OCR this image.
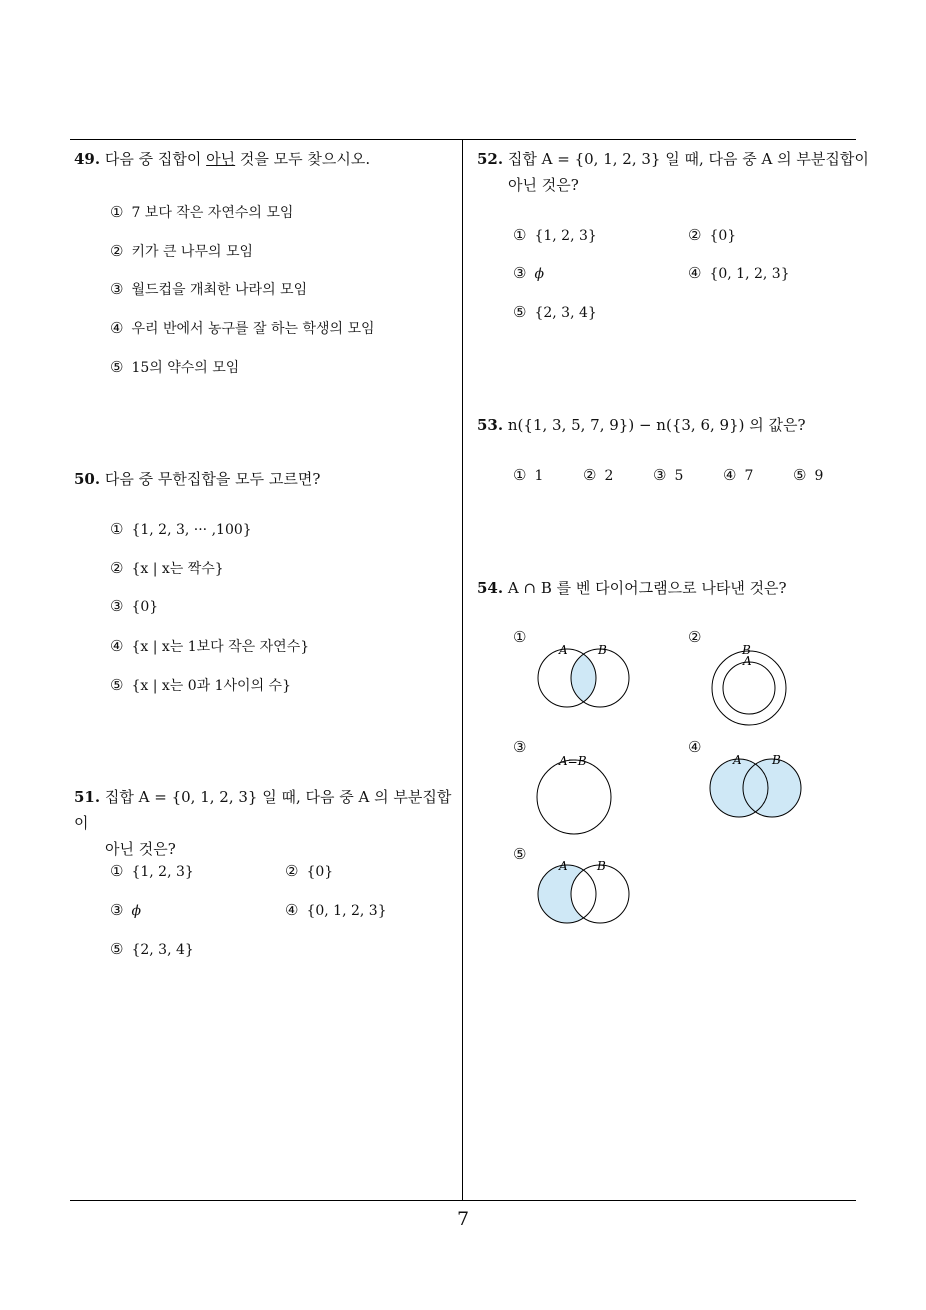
49. 다음 중 집합이 아닌 것을 모두 찾으시오.
① 7 보다 작은 자연수의 모임
② 키가 큰 나무의 모임
③ 월드컵을 개최한 나라의 모임
④ 우리 반에서 농구를 잘 하는 학생의 모임
⑤ 15의 약수의 모임
50. 다음 중 무한집합을 모두 고르면?
① {1, 2, 3, ··· ,100}
② {x | x는 짝수}
③ {0}
④ {x | x는 1보다 작은 자연수}
⑤ {x | x는 0과 1사이의 수}
51. 집합 A = {0, 1, 2, 3} 일 때, 다음 중 A 의 부분집합이
아닌 것은?
① {1, 2, 3}	② {0}
③ ϕ	④ {0, 1, 2, 3}
⑤ {2, 3, 4}
52. 집합 A = {0, 1, 2, 3} 일 때, 다음 중 A 의 부분집합이
아닌 것은?
① {1, 2, 3}	② {0}
③ ϕ	④ {0, 1, 2, 3}
⑤ {2, 3, 4}
53. n({1, 3, 5, 7, 9}) − n({3, 6, 9}) 의 값은?
① 1	② 2	③ 5	④ 7	⑤ 9
54. A ∩ B 를 벤 다이어그램으로 나타낸 것은?
①	②
③	④
⑤
A	B	B
A
A=B	A	B
A B
7
